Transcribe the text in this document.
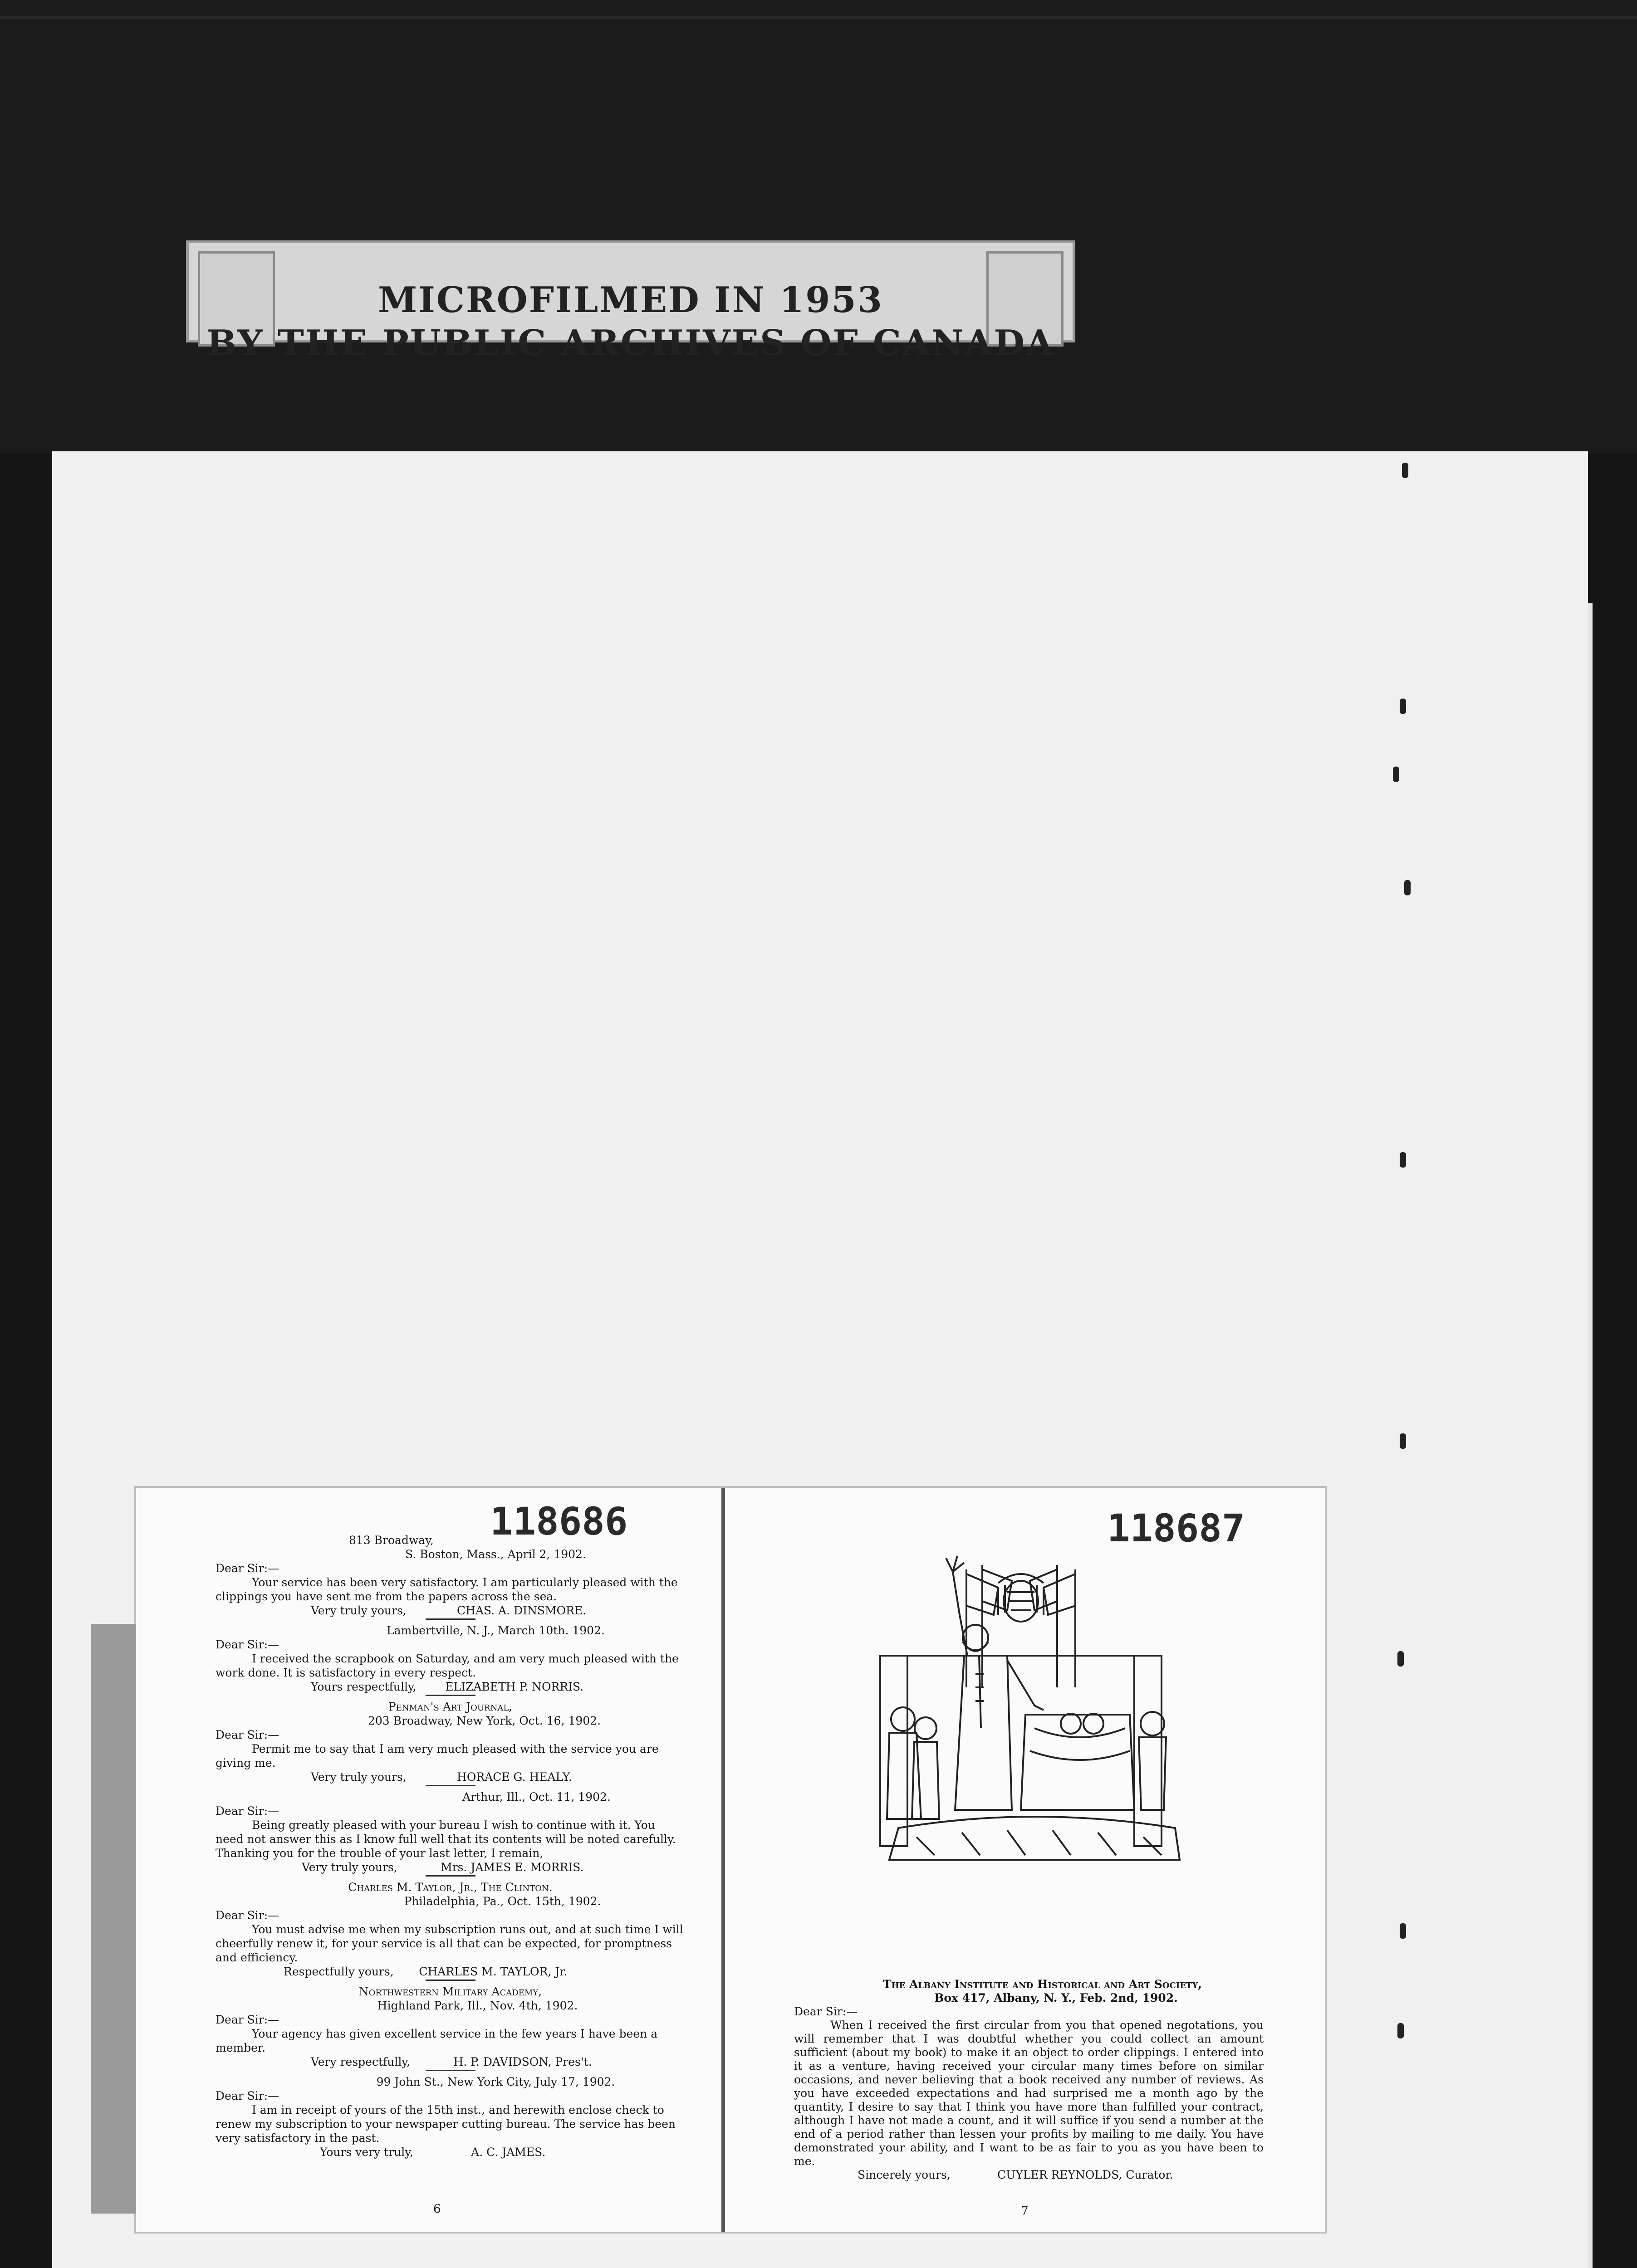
MICROFILMED IN 1953
BY THE PUBLIC ARCHIVES OF CANADA
118686

813 Broadway,

S. Boston, Mass., April 2, 1902.

Dear Sir:—

Your service has been very satisfactory. I am particularly pleased with the clippings you have sent me from the papers across the sea.

Very truly yours,	CHAS. A. DINSMORE.

Lambertville, N. J., March 10th. 1902.

Dear Sir:—

I received the scrapbook on Saturday, and am very much pleased with the work done. It is satisfactory in every respect.

Yours respectfully,	ELIZABETH P. NORRIS.

Penman's Art Journal,

203 Broadway, New York, Oct. 16, 1902.

Dear Sir:—

Permit me to say that I am very much pleased with the service you are giving me.

Very truly yours,	HORACE G. HEALY.

Arthur, Ill., Oct. 11, 1902.

Dear Sir:—

Being greatly pleased with your bureau I wish to continue with it. You need not answer this as I know full well that its contents will be noted carefully. Thanking you for the trouble of your last letter, I remain,

Very truly yours,	Mrs. JAMES E. MORRIS.

Charles M. Taylor, Jr., The Clinton.

Philadelphia, Pa., Oct. 15th, 1902.

Dear Sir:—

You must advise me when my subscription runs out, and at such time I will cheerfully renew it, for your service is all that can be expected, for promptness and efficiency.

Respectfully yours, CHARLES M. TAYLOR, Jr.

Northwestern Military Academy,

Highland Park, Ill., Nov. 4th, 1902.

Dear Sir:—

Your agency has given excellent service in the few years I have been a member.

Very respectfully,	H. P. DAVIDSON, Pres't.

99 John St., New York City, July 17, 1902.

Dear Sir:—

I am in receipt of yours of the 15th inst., and herewith enclose check to renew my subscription to your newspaper cutting bureau. The service has been very satisfactory in the past.

Yours very truly,	A. C. JAMES.

6
118687

The Albany Institute and Historical and Art Society,

Box 417, Albany, N. Y., Feb. 2nd, 1902.

Dear Sir:—

When I received the first circular from you that opened negotations, you will remember that I was doubtful whether you could collect an amount sufficient (about my book) to make it an object to order clippings. I entered into it as a venture, having received your circular many times before on similar occasions, and never believing that a book received any number of reviews. As you have exceeded expectations and had surprised me a month ago by the quantity, I desire to say that I think you have more than fulfilled your contract, although I have not made a count, and it will suffice if you send a number at the end of a period rather than lessen your profits by mailing to me daily. You have demonstrated your ability, and I want to be as fair to you as you have been to me.

Sincerely yours,	CUYLER REYNOLDS, Curator.

7
